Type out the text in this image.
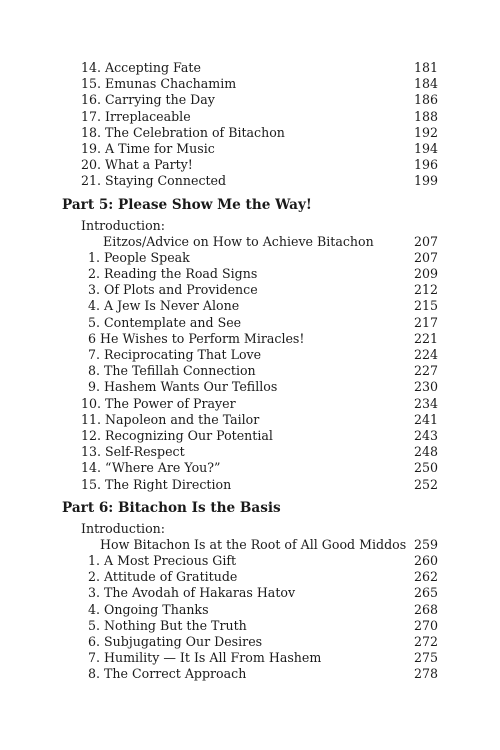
14. Accepting Fate	181
15. Emunas Chachamim	184
16. Carrying the Day	186
17. Irreplaceable	188
18. The Celebration of Bitachon	192
19. A Time for Music	194
20. What a Party!	196
21. Staying Connected	199
Part 5: Please Show Me the Way!
Introduction:
Eitzos/Advice on How to Achieve Bitachon	207
1. People Speak	207
2. Reading the Road Signs	209
3. Of Plots and Providence	212
4. A Jew Is Never Alone	215
5. Contemplate and See	217
6 He Wishes to Perform Miracles!	221
7. Reciprocating That Love	224
8. The Tefillah Connection	227
9. Hashem Wants Our Tefillos	230
10. The Power of Prayer	234
11. Napoleon and the Tailor	241
12. Recognizing Our Potential	243
13. Self-Respect	248
14. “Where Are You?”	250
15. The Right Direction	252
Part 6: Bitachon Is the Basis
Introduction:
How Bitachon Is at the Root of All Good Middos 259
1. A Most Precious Gift	260
2. Attitude of Gratitude	262
3. The Avodah of Hakaras Hatov	265
4. Ongoing Thanks	268
5. Nothing But the Truth	270
6. Subjugating Our Desires	272
7. Humility — It Is All From Hashem	275
8. The Correct Approach	278
